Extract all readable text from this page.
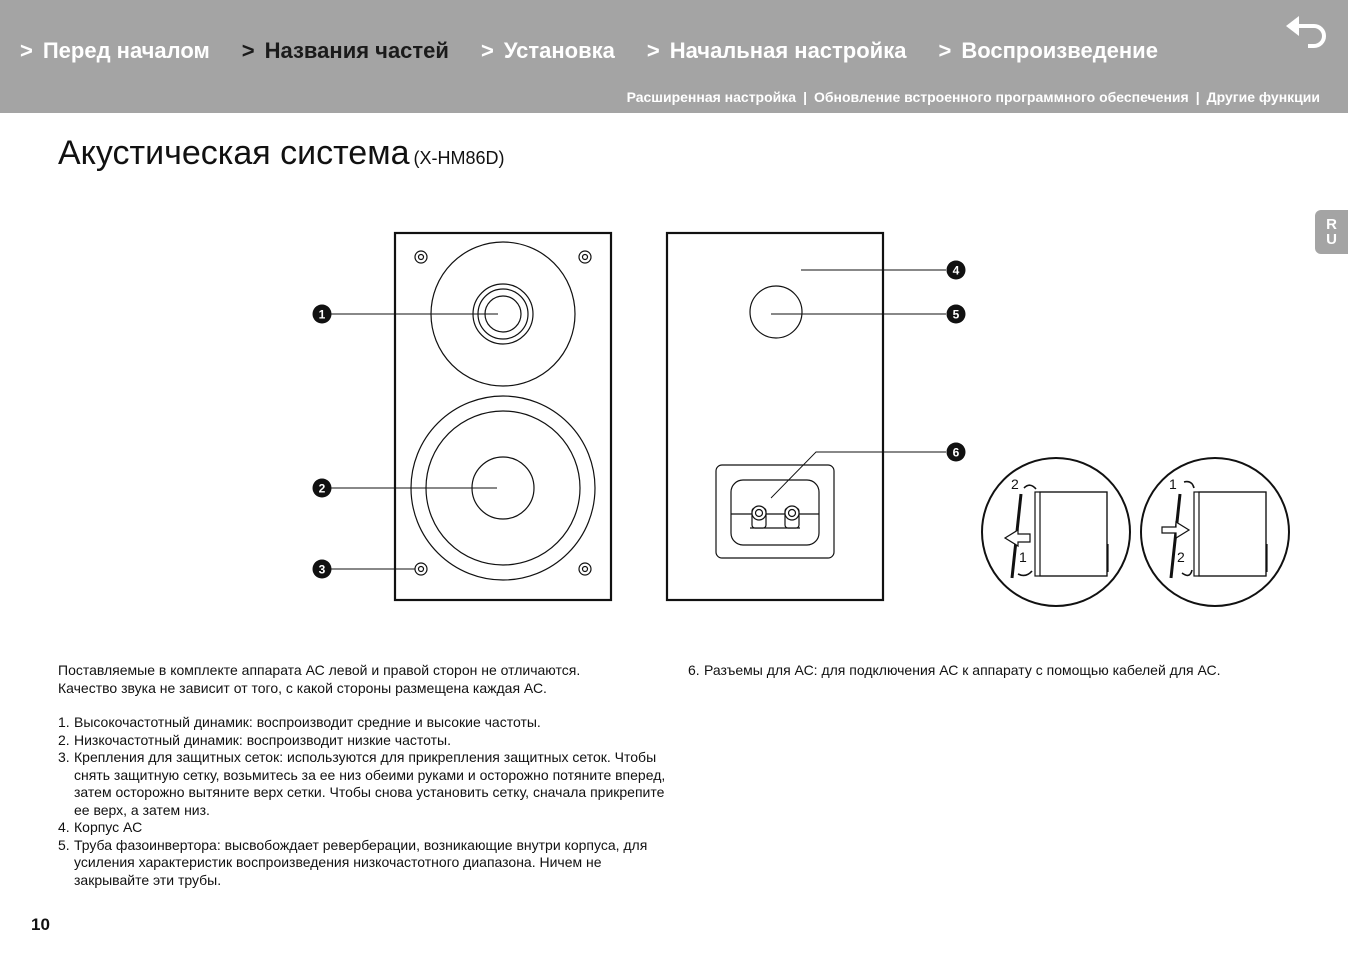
> Перед началом > Названия частей > Установка > Начальная настройка > Воспроизведение
Расширенная настройка | Обновление встроенного программного обеспечения | Другие функции
Акустическая система (X-HM86D)
R
U
2
1
1
2
1
2
3
4
5
6

Поставляемые в комплекте аппарата АС левой и правой сторон не отличаются.

Качество звука не зависит от того, с какой стороны размещена каждая АС.

1. Высокочастотный динамик: воспроизводит средние и высокие частоты.
2. Низкочастотный динамик: воспроизводит низкие частоты.
3. Крепления для защитных сеток: используются для прикрепления защитных сеток. Чтобы снять защитную сетку, возьмитесь за ее низ обеими руками и осторожно потяните вперед, затем осторожно вытяните верх сетки. Чтобы снова установить сетку, сначала прикрепите ее верх, а затем низ.
4. Корпус АС
5. Труба фазоинвертора: высвобождает реверберации, возникающие внутри корпуса, для усиления характеристик воспроизведения низкочастотного диапазона. Ничем не закрывайте эти трубы.
6. Разъемы для АС: для подключения АС к аппарату с помощью кабелей для АС.
10
